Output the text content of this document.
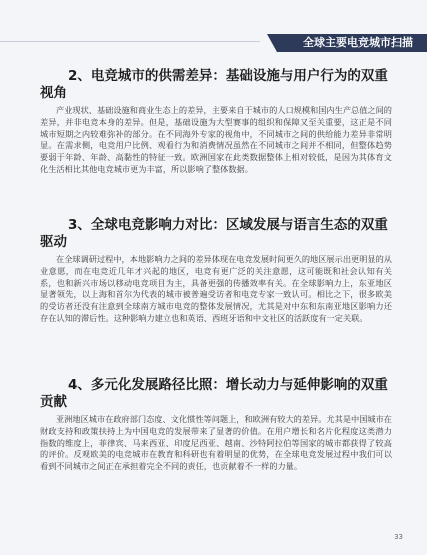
全球主要电竞城市扫描
2、电竞城市的供需差异：基础设施与用户行为的双重视角

产业现状、基础设施和商业生态上的差异，主要来自于城市的人口规模和国内生产总值之间的差异，并非电竞本身的差异。但是，基础设施为大型赛事的组织和保障又至关重要，这正是不同城市短期之内较难弥补的部分。在不同海外专家的视角中，不同城市之间的供给能力差异非常明显。在需求侧，电竞用户比例、观看行为和消费情况虽然在不同城市之间并不相同，但整体趋势要弱于年龄、年龄、高黏性的特征一致。欧洲国家在此类数据整体上相对较低，是因为其体育文化生活相比其他电竞城市更为丰富，所以影响了整体数据。

3、全球电竞影响力对比：区域发展与语言生态的双重驱动

在全球调研过程中，本地影响力之间的差异体现在电竞发展时间更久的地区展示出更明显的从业意愿，而在电竞近几年才兴起的地区，电竞有更广泛的关注意愿，这可能既和社会认知有关系，也和新兴市场以移动电竞项目为主，具备更强的传播效率有关。在全球影响力上，东亚地区显著领先，以上海和首尔为代表的城市被普遍受访者和电竞专家一致认可。相比之下，很多欧美的受访者还没有注意到全球南方城市电竞的整体发展情况，尤其是对中东和东南亚地区影响力还存在认知的滞后性。这种影响力建立也和英语、西班牙语和中文社区的活跃度有一定关联。

4、多元化发展路径比照：增长动力与延伸影响的双重贡献

亚洲地区城市在政府部门态度、文化惯性等问题上，和欧洲有较大的差异。尤其是中国城市在财政支持和政策扶持上为中国电竞的发展带来了显著的价值。在用户增长和名片化程度这类潜力指数的维度上，菲律宾、马来西亚、印度尼西亚、越南、沙特阿拉伯等国家的城市都获得了较高的评价。反观欧美的电竞城市在教育和科研也有着明显的优势，在全球电竞发展过程中我们可以看到不同城市之间正在承担着完全不同的责任，也贡献着不一样的力量。

33
